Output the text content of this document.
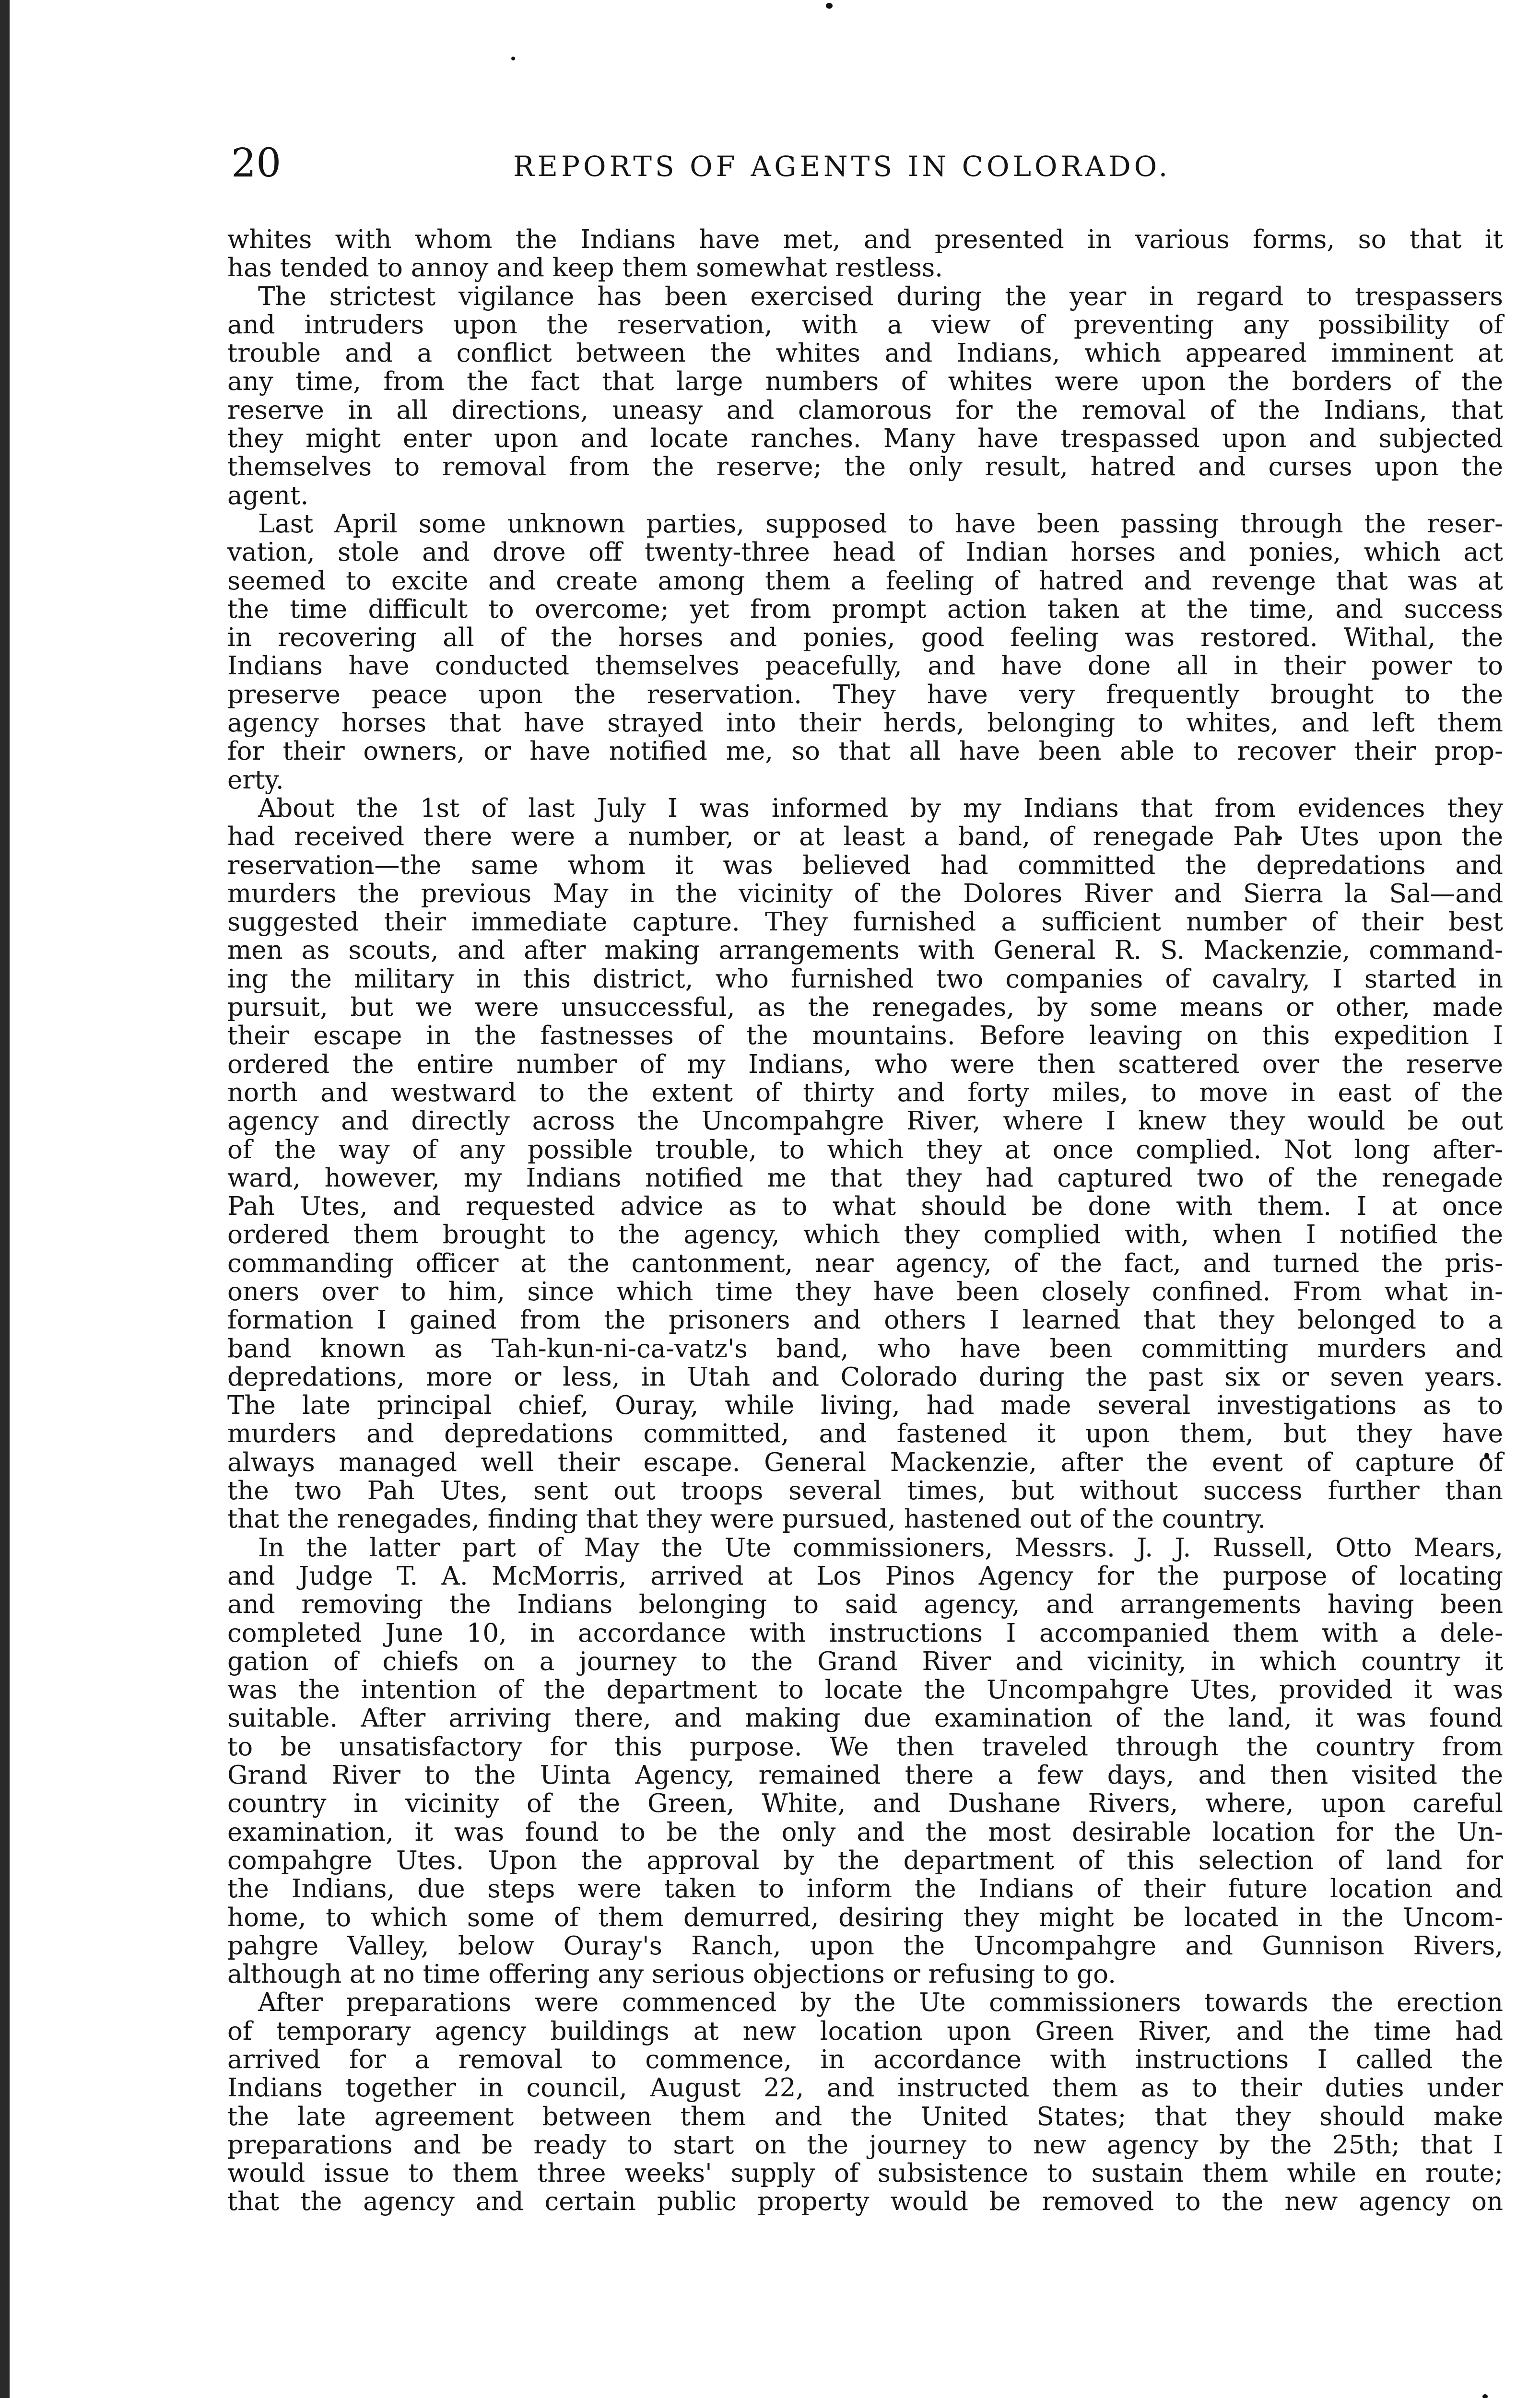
20	REPORTS OF AGENTS IN COLORADO.
whites with whom the Indians have met, and presented in various forms, so that it
has tended to annoy and keep them somewhat restless.
The strictest vigilance has been exercised during the year in regard to trespassers
and intruders upon the reservation, with a view of preventing any possibility of
trouble and a conflict between the whites and Indians, which appeared imminent at
any time, from the fact that large numbers of whites were upon the borders of the
reserve in all directions, uneasy and clamorous for the removal of the Indians, that
they might enter upon and locate ranches. Many have trespassed upon and subjected
themselves to removal from the reserve; the only result, hatred and curses upon the
agent.
Last April some unknown parties, supposed to have been passing through the reser-
vation, stole and drove off twenty-three head of Indian horses and ponies, which act
seemed to excite and create among them a feeling of hatred and revenge that was at
the time difficult to overcome; yet from prompt action taken at the time, and success
in recovering all of the horses and ponies, good feeling was restored. Withal, the
Indians have conducted themselves peacefully, and have done all in their power to
preserve peace upon the reservation. They have very frequently brought to the
agency horses that have strayed into their herds, belonging to whites, and left them
for their owners, or have notified me, so that all have been able to recover their prop-
erty.
About the 1st of last July I was informed by my Indians that from evidences they
had received there were a number, or at least a band, of renegade Pah Utes upon the
reservation—the same whom it was believed had committed the depredations and
murders the previous May in the vicinity of the Dolores River and Sierra la Sal—and
suggested their immediate capture. They furnished a sufficient number of their best
men as scouts, and after making arrangements with General R. S. Mackenzie, command-
ing the military in this district, who furnished two companies of cavalry, I started in
pursuit, but we were unsuccessful, as the renegades, by some means or other, made
their escape in the fastnesses of the mountains. Before leaving on this expedition I
ordered the entire number of my Indians, who were then scattered over the reserve
north and westward to the extent of thirty and forty miles, to move in east of the
agency and directly across the Uncompahgre River, where I knew they would be out
of the way of any possible trouble, to which they at once complied. Not long after-
ward, however, my Indians notified me that they had captured two of the renegade
Pah Utes, and requested advice as to what should be done with them. I at once
ordered them brought to the agency, which they complied with, when I notified the
commanding officer at the cantonment, near agency, of the fact, and turned the pris-
oners over to him, since which time they have been closely confined. From what in-
formation I gained from the prisoners and others I learned that they belonged to a
band known as Tah-kun-ni-ca-vatz's band, who have been committing murders and
depredations, more or less, in Utah and Colorado during the past six or seven years.
The late principal chief, Ouray, while living, had made several investigations as to
murders and depredations committed, and fastened it upon them, but they have
always managed well their escape. General Mackenzie, after the event of capture of
the two Pah Utes, sent out troops several times, but without success further than
that the renegades, finding that they were pursued, hastened out of the country.
In the latter part of May the Ute commissioners, Messrs. J. J. Russell, Otto Mears,
and Judge T. A. McMorris, arrived at Los Pinos Agency for the purpose of locating
and removing the Indians belonging to said agency, and arrangements having been
completed June 10, in accordance with instructions I accompanied them with a dele-
gation of chiefs on a journey to the Grand River and vicinity, in which country it
was the intention of the department to locate the Uncompahgre Utes, provided it was
suitable. After arriving there, and making due examination of the land, it was found
to be unsatisfactory for this purpose. We then traveled through the country from
Grand River to the Uinta Agency, remained there a few days, and then visited the
country in vicinity of the Green, White, and Dushane Rivers, where, upon careful
examination, it was found to be the only and the most desirable location for the Un-
compahgre Utes. Upon the approval by the department of this selection of land for
the Indians, due steps were taken to inform the Indians of their future location and
home, to which some of them demurred, desiring they might be located in the Uncom-
pahgre Valley, below Ouray's Ranch, upon the Uncompahgre and Gunnison Rivers,
although at no time offering any serious objections or refusing to go.
After preparations were commenced by the Ute commissioners towards the erection
of temporary agency buildings at new location upon Green River, and the time had
arrived for a removal to commence, in accordance with instructions I called the
Indians together in council, August 22, and instructed them as to their duties under
the late agreement between them and the United States; that they should make
preparations and be ready to start on the journey to new agency by the 25th; that I
would issue to them three weeks' supply of subsistence to sustain them while en route;
that the agency and certain public property would be removed to the new agency on
